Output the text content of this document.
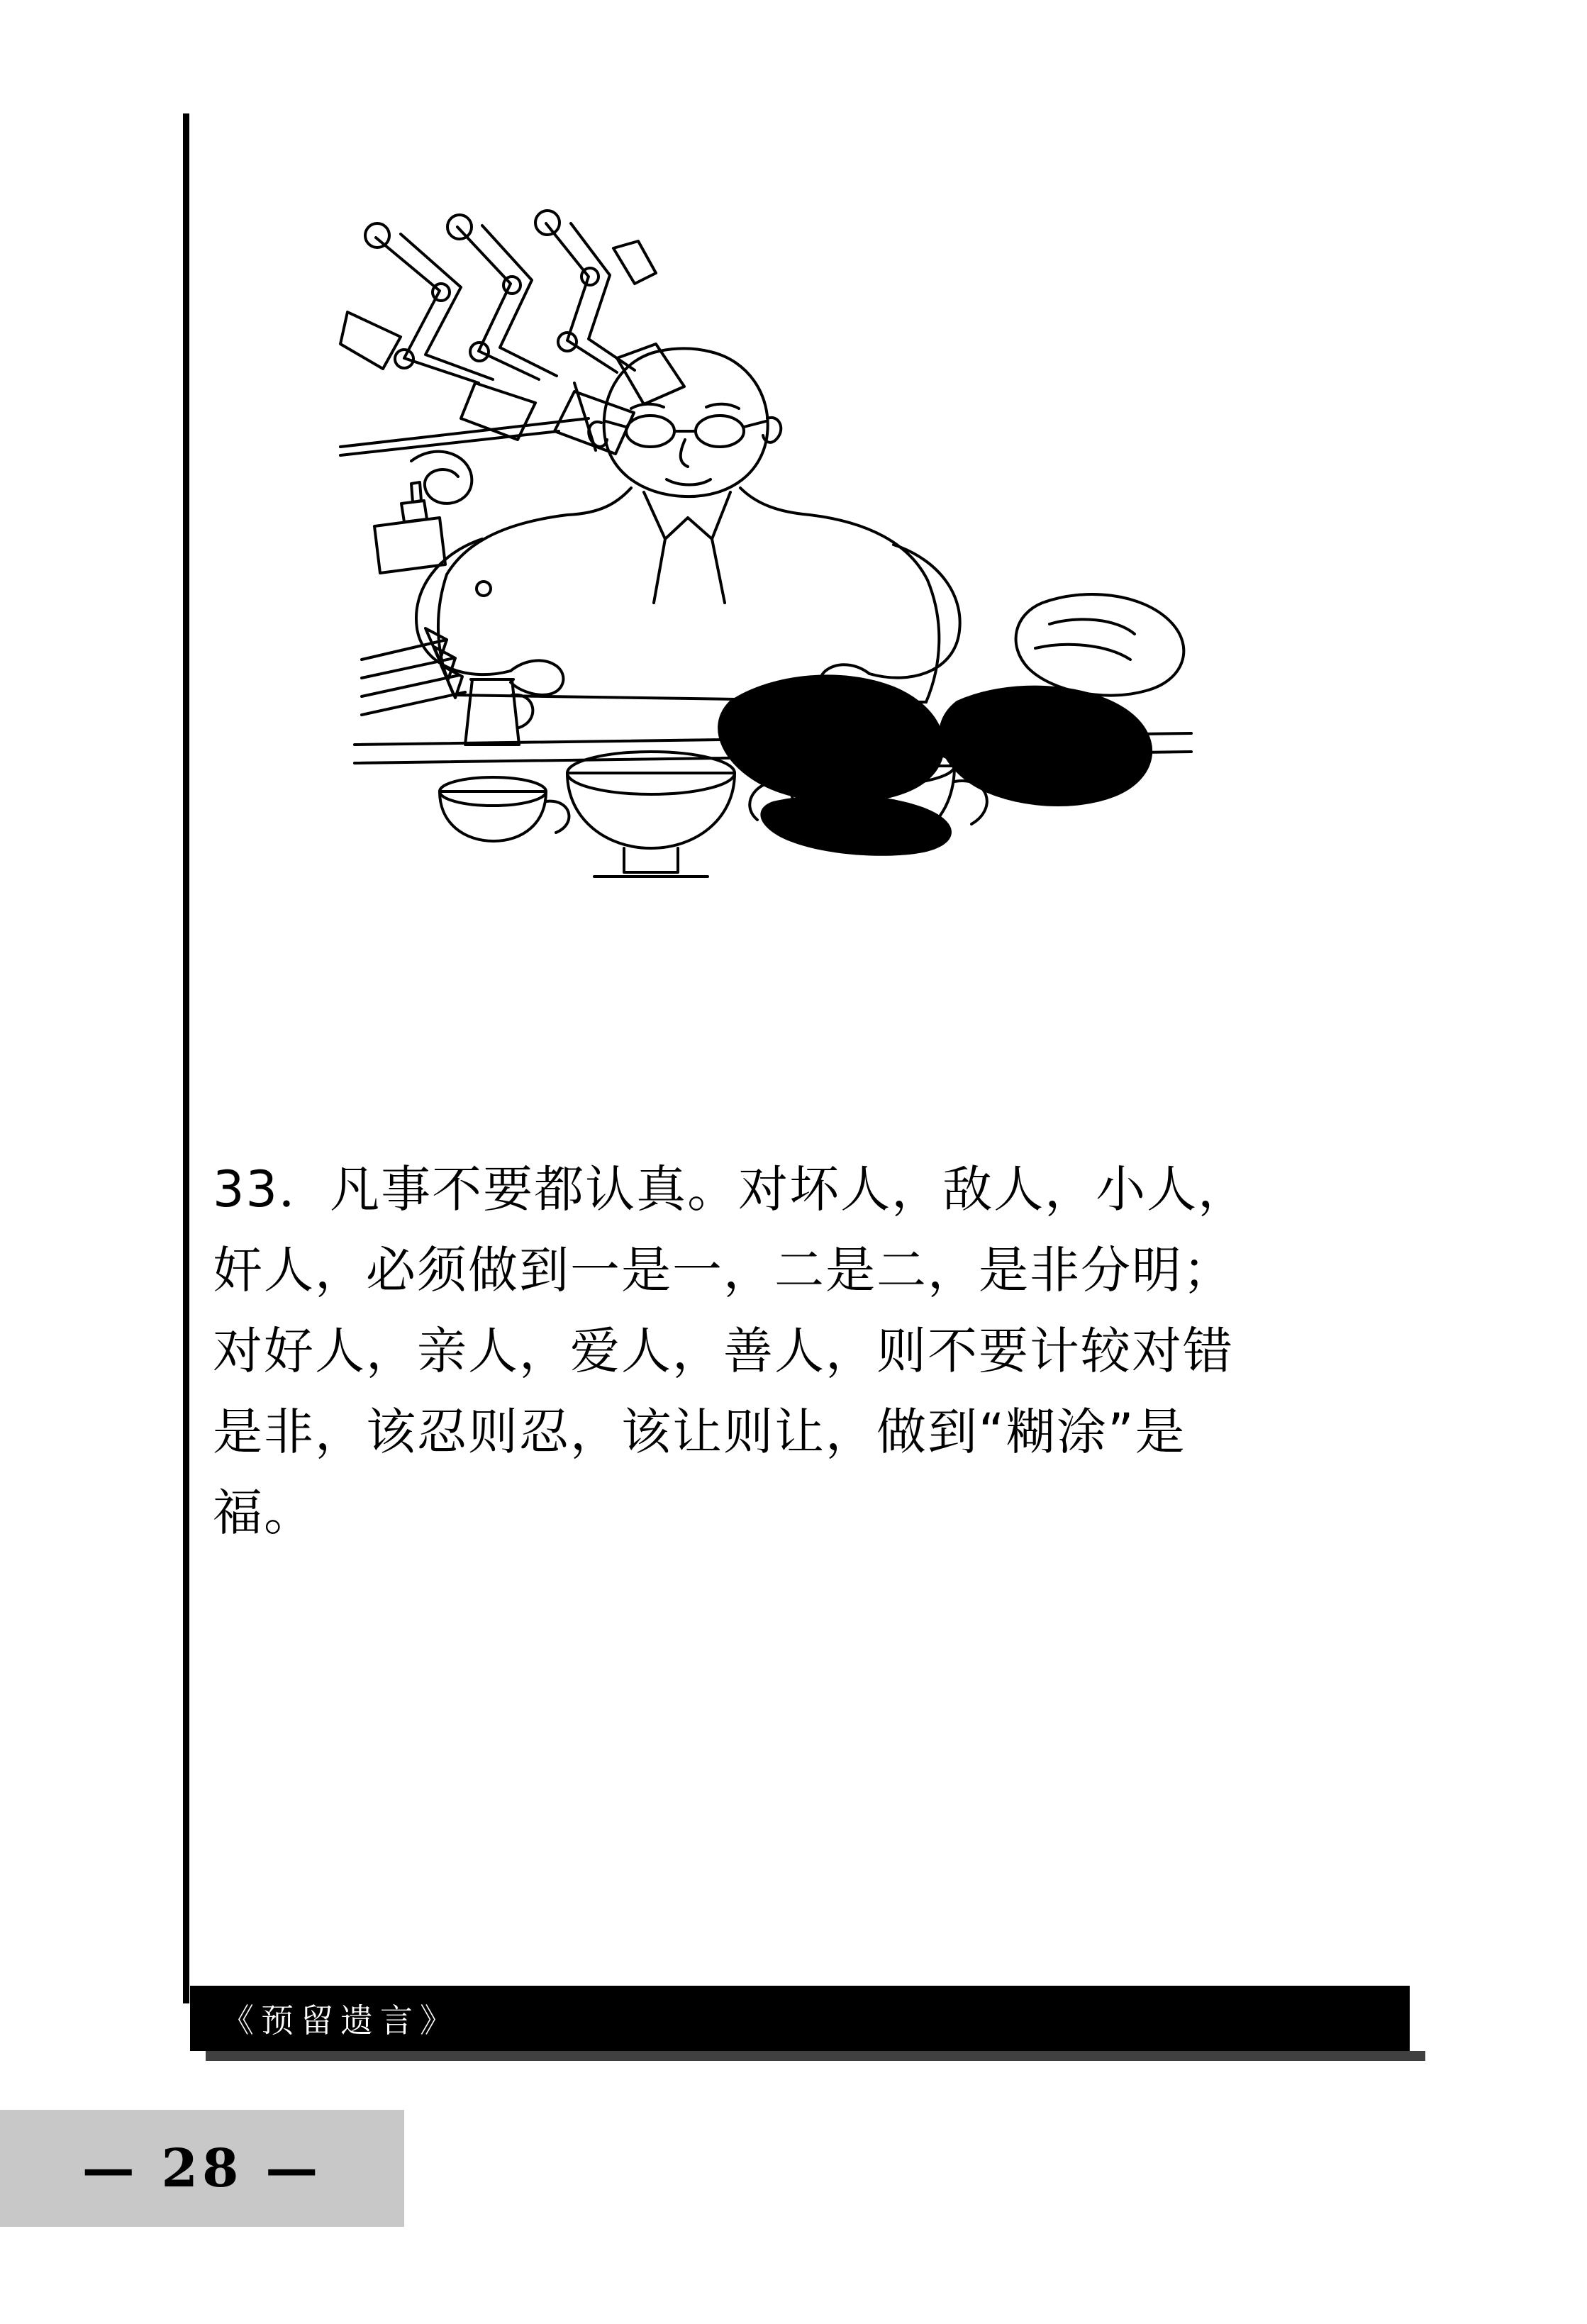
33．凡事不要都认真。对坏人，敌人，小人，奸人，必须做到一是一，二是二，是非分明；对好人，亲人，爱人，善人，则不要计较对错是非，该忍则忍，该让则让，做到“糊涂”是福。
《预留遗言》
— 28 —
